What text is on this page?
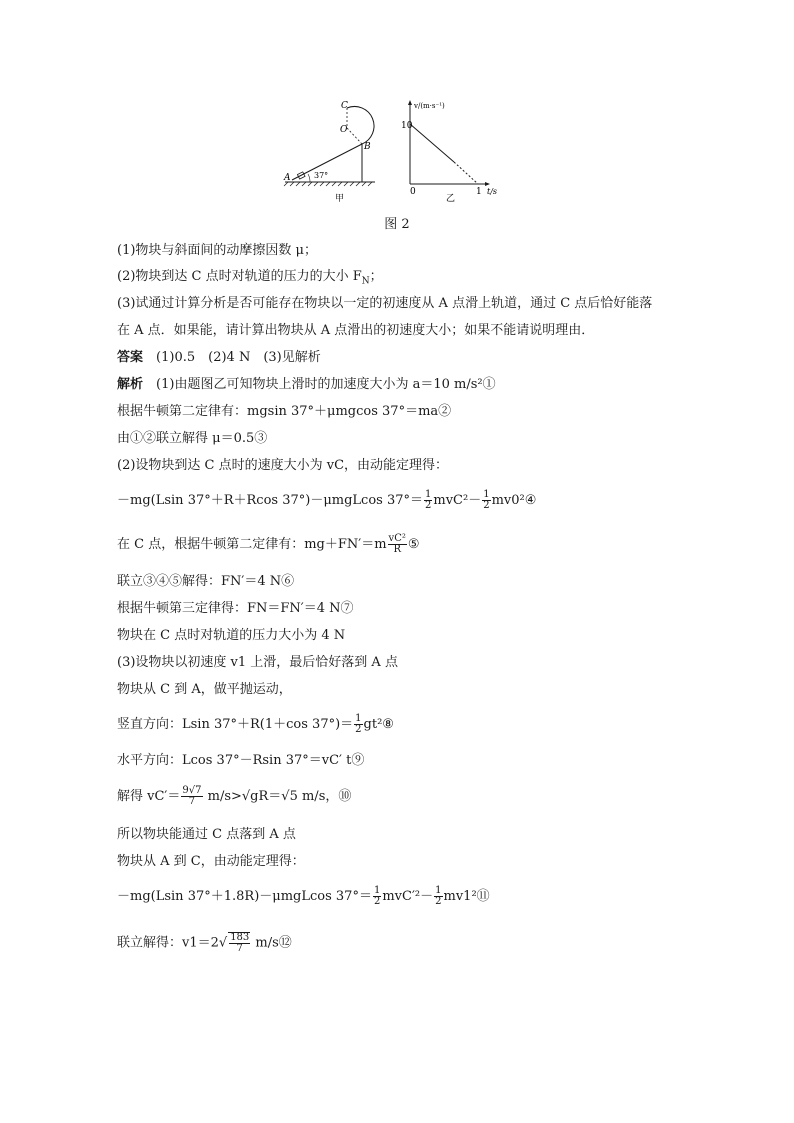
C
O
B
A	37°
甲
v/(m·s⁻¹)
10
1 t/s
0
乙
图 2
(1)物块与斜面间的动摩擦因数 μ；
(2)物块到达 C 点时对轨道的压力的大小 $F_N$；
(3)试通过计算分析是否可能存在物块以一定的初速度从 A 点滑上轨道，通过 C 点后恰好能落
在 A 点．如果能，请计算出物块从 A 点滑出的初速度大小；如果不能请说明理由．
答案　 (1)0.5　(2)4 N　(3)见解析
解析　 (1)由题图乙可知物块上滑时的加速度大小为 a＝10 m/s²①
根据牛顿第二定律有：mgsin 37°＋μmgcos 37°＝ma②
由①②联立解得 μ＝0.5③
(2)设物块到达 C 点时的速度大小为 vC，由动能定理得：
－mg(Lsin 37°＋R＋Rcos 37°)－μmgLcos $37^\circ= \frac{1}{2} mvC^2- \frac{1}{2}$ mv0²④
在 C 点，根据牛顿第二定律有：$mg+FN'=m \frac{\text{vC²}}{R}$ ⑤
联立③④⑤解得：FN′＝4 N⑥
根据牛顿第三定律得：FN＝FN′＝4 N⑦
物块在 C 点时对轨道的压力大小为 4 N
(3)设物块以初速度 v1 上滑，最后恰好落到 A 点
物块从 C 到 A，做平抛运动，
竖直方向：Lsin 37°＋R(1＋cos $37^\circ)= \frac{1}{2}$ gt²⑧
水平方向：Lcos 37°－Rsin 37°＝vC′ t⑨
解得 $vC'= \frac{9√7}{7} m/s>√gR=√5$ m/s，⑩
所以物块能通过 C 点落到 A 点
物块从 A 到 C，由动能定理得：
－mg(Lsin 37°＋1.8R)－μmgLcos $37^\circ= \frac{1}{2} mvC'^2- \frac{1}{2}$ mv1²⑪
联立解得：$v1=2√ \frac{183}{7}$ m/s⑫
